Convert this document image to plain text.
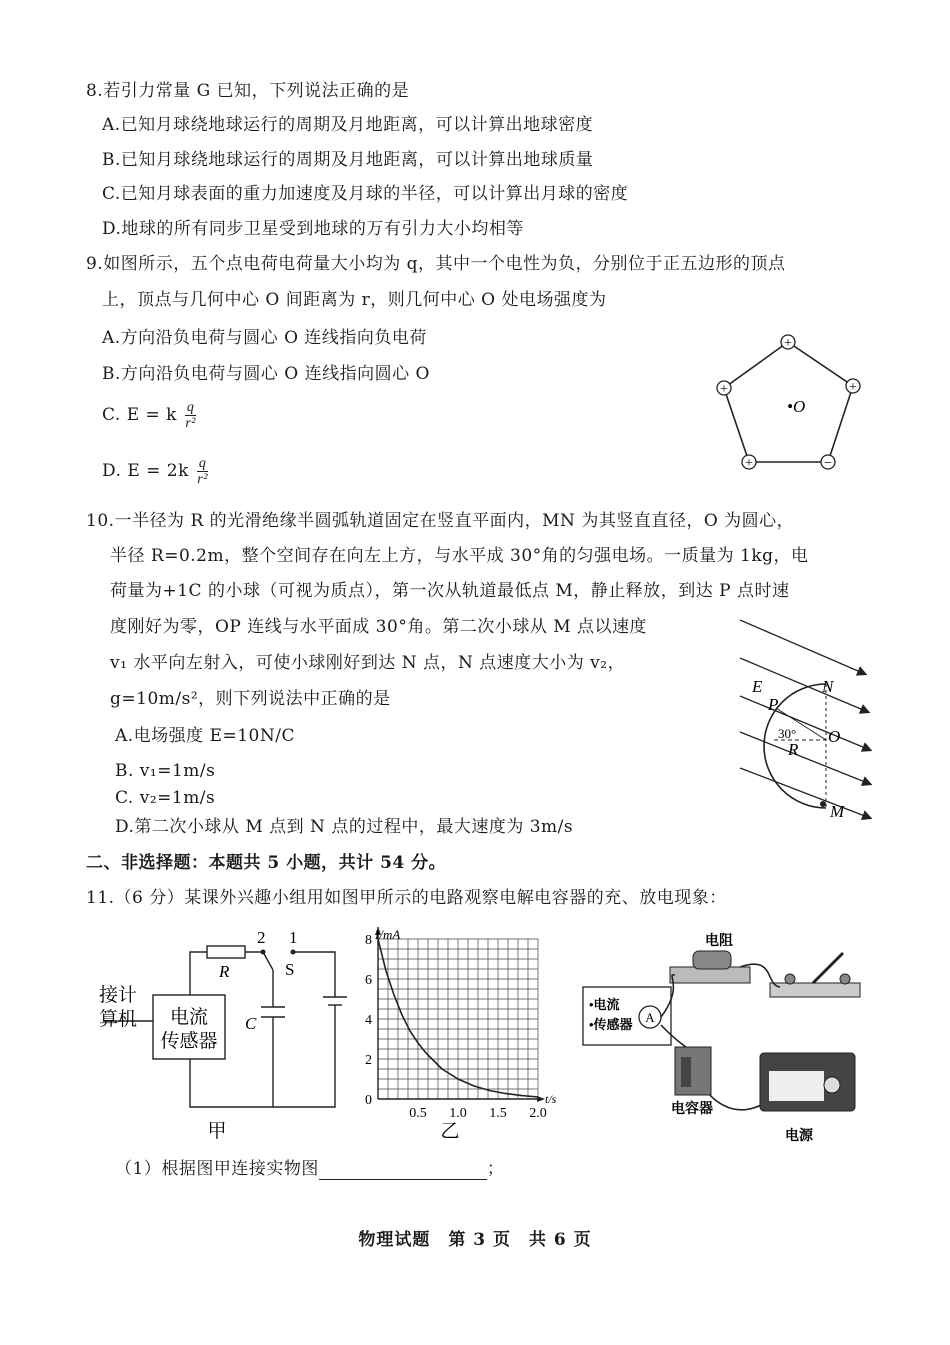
8.若引力常量 G 已知，下列说法正确的是
A.已知月球绕地球运行的周期及月地距离，可以计算出地球密度
B.已知月球绕地球运行的周期及月地距离，可以计算出地球质量
C.已知月球表面的重力加速度及月球的半径，可以计算出月球的密度
D.地球的所有同步卫星受到地球的万有引力大小均相等
9.如图所示，五个点电荷电荷量大小均为 q，其中一个电性为负，分别位于正五边形的顶点
上，顶点与几何中心 O 间距离为 r，则几何中心 O 处电场强度为
A.方向沿负电荷与圆心 O 连线指向负电荷
B.方向沿负电荷与圆心 O 连线指向圆心 O
C. E = k $\frac{q}{\text{r²}}$
D. $E = 2k \frac{q}{\text{r²}}$
+
+
−
+
+
•O
10.一半径为 R 的光滑绝缘半圆弧轨道固定在竖直平面内，MN 为其竖直直径，O 为圆心，
半径 R=0.2m，整个空间存在向左上方，与水平成 30°角的匀强电场。一质量为 1kg，电
荷量为+1C 的小球（可视为质点），第一次从轨道最低点 M，静止释放，到达 P 点时速
度刚好为零，OP 连线与水平面成 30°角。第二次小球从 M 点以速度
v₁ 水平向左射入，可使小球刚好到达 N 点，N 点速度大小为 v₂，
g=10m/s²，则下列说法中正确的是
A.电场强度 E=10N/C
B. v₁=1m/s
C. v₂=1m/s
D.第二次小球从 M 点到 N 点的过程中，最大速度为 3m/s
E	N
P
30° O
R
M
二、非选择题：本题共 5 小题，共计 54 分。
11.（6 分）某课外兴趣小组用如图甲所示的电路观察电解电容器的充、放电现象：
2 1
R	S
C
接计
算机 电流
传感器
甲
I/mA
t/s
8
6
4
2
0
0.5 1.0 1.5 2.0
乙
电阻
•电流
•传感器 A
电容器
电源
（1）根据图甲连接实物图	；
物理试题　第 3 页　共 6 页
